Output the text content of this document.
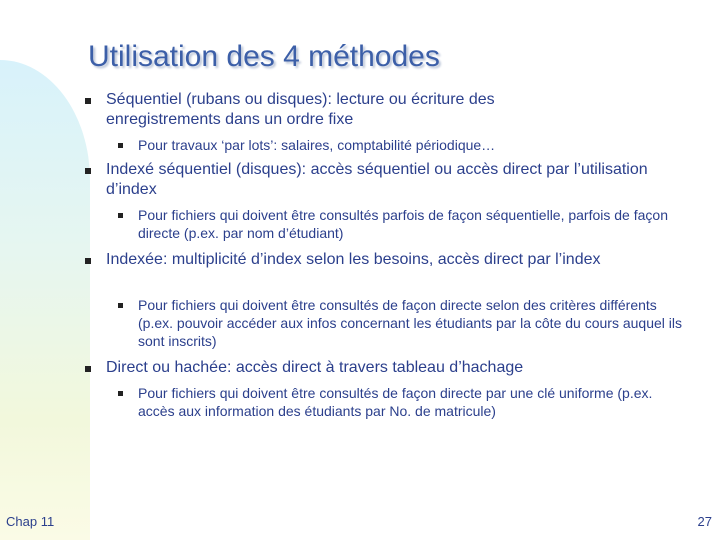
Utilisation des 4 méthodes
Séquentiel (rubans ou disques): lecture ou écriture des enregistrements dans un ordre fixe
Pour travaux ‘par lots’: salaires, comptabilité périodique…
Indexé séquentiel (disques): accès séquentiel ou accès direct par l’utilisation d’index
Pour fichiers qui doivent être consultés parfois de façon séquentielle, parfois de façon directe (p.ex. par nom d’étudiant)
Indexée: multiplicité d’index selon les besoins, accès direct par l’index
Pour fichiers qui doivent être consultés de façon directe selon des critères différents (p.ex. pouvoir accéder aux infos concernant les étudiants par la côte du cours auquel ils sont inscrits)
Direct ou hachée: accès direct à travers tableau d’hachage
Pour fichiers qui doivent être consultés de façon directe par une clé uniforme (p.ex. accès aux information des étudiants par No. de matricule)
Chap 11	27
